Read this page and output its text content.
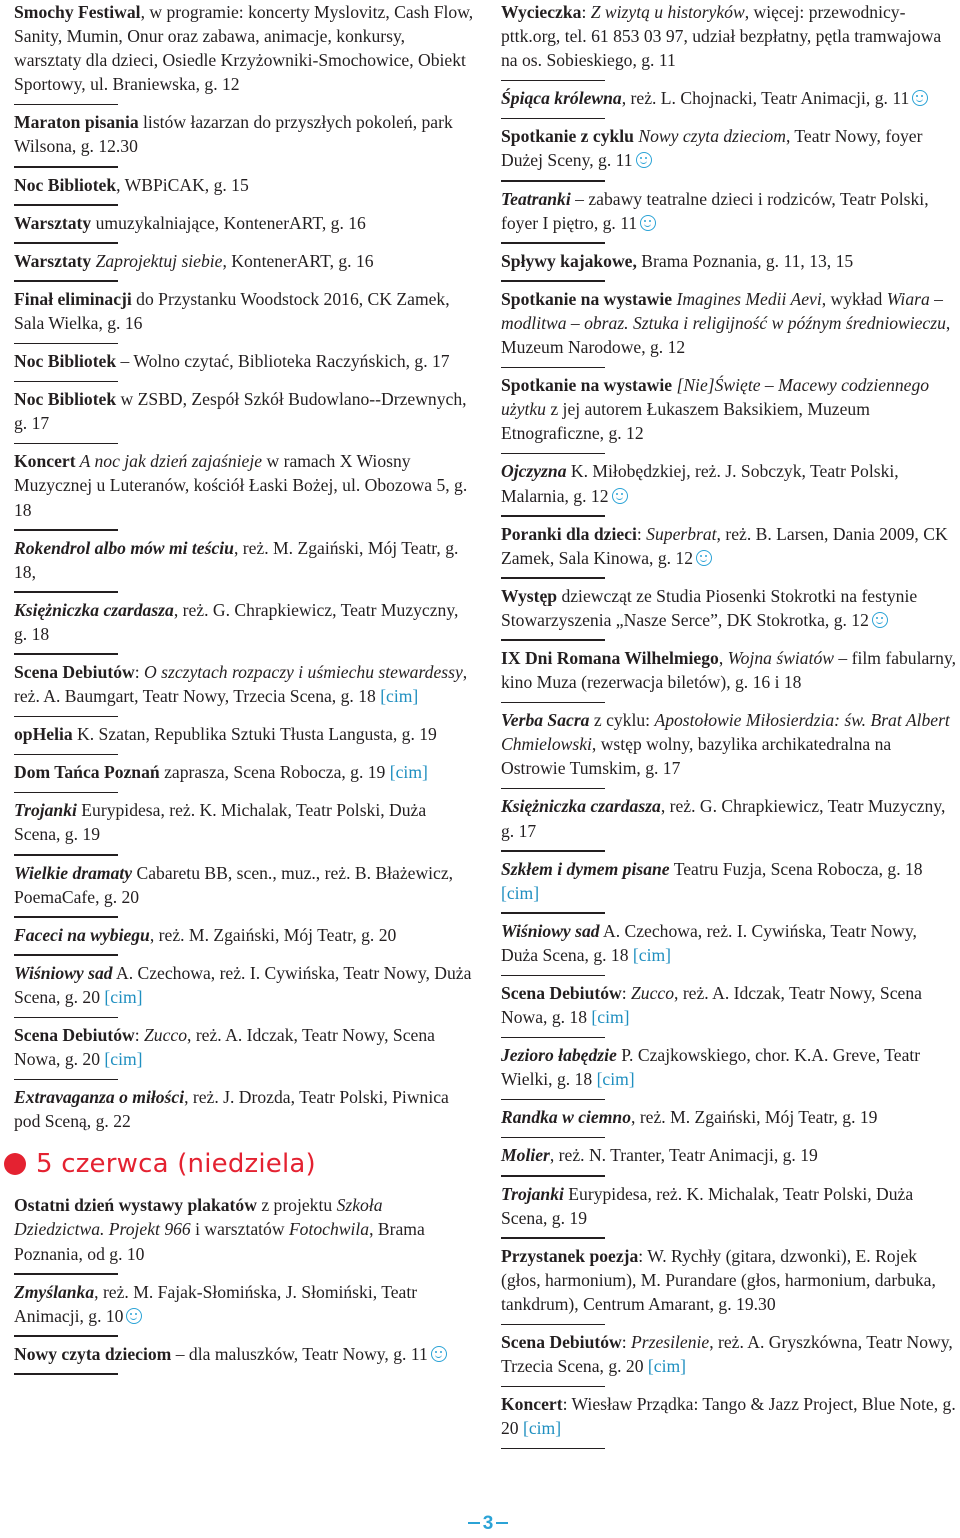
Smochy Festiwal, w programie: koncerty Myslovitz, Cash Flow, Sanity, Mumin, Onur oraz zabawa, animacje, konkursy, warsztaty dla dzieci, Osiedle Krzyżowniki-Smochowice, Obiekt Sportowy, ul. Braniewska, g. 12
Maraton pisania listów łazarzan do przyszłych pokoleń, park Wilsona, g. 12.30
Noc Bibliotek, WBPiCAK, g. 15
Warsztaty umuzykalniające, KontenerART, g. 16
Warsztaty Zaprojektuj siebie, KontenerART, g. 16
Finał eliminacji do Przystanku Woodstock 2016, CK Zamek, Sala Wielka, g. 16
Noc Bibliotek – Wolno czytać, Biblioteka Raczyńskich, g. 17
Noc Bibliotek w ZSBD, Zespół Szkół Budowlano--Drzewnych, g. 17
Koncert A noc jak dzień zajaśnieje w ramach X Wiosny Muzycznej u Luteranów, kościół Łaski Bożej, ul. Obozowa 5, g. 18
Rokendrol albo mów mi teściu, reż. M. Zgaiński, Mój Teatr, g. 18,
Księżniczka czardasza, reż. G. Chrapkiewicz, Teatr Muzyczny, g. 18
Scena Debiutów: O szczytach rozpaczy i uśmiechu stewardessy, reż. A. Baumgart, Teatr Nowy, Trzecia Scena, g. 18 [cim]
opHelia K. Szatan, Republika Sztuki Tłusta Langusta, g. 19
Dom Tańca Poznań zaprasza, Scena Robocza, g. 19 [cim]
Trojanki Eurypidesa, reż. K. Michalak, Teatr Polski, Duża Scena, g. 19
Wielkie dramaty Cabaretu BB, scen., muz., reż. B. Błażewicz, PoemaCafe, g. 20
Faceci na wybiegu, reż. M. Zgaiński, Mój Teatr, g. 20
Wiśniowy sad A. Czechowa, reż. I. Cywińska, Teatr Nowy, Duża Scena, g. 20 [cim]
Scena Debiutów: Zucco, reż. A. Idczak, Teatr Nowy, Scena Nowa, g. 20 [cim]
Extravaganza o miłości, reż. J. Drozda, Teatr Polski, Piwnica pod Sceną, g. 22
5 czerwca (niedziela)
Ostatni dzień wystawy plakatów z projektu Szkoła Dziedzictwa. Projekt 966 i warsztatów Fotochwila, Brama Poznania, od g. 10
Zmyślanka, reż. M. Fajak-Słomińska, J. Słomiński, Teatr Animacji, g. 10
Nowy czyta dzieciom – dla maluszków, Teatr Nowy, g. 11
Wycieczka: Z wizytą u historyków, więcej: przewodnicy-pttk.org, tel. 61 853 03 97, udział bezpłatny, pętla tramwajowa na os. Sobieskiego, g. 11
Śpiąca królewna, reż. L. Chojnacki, Teatr Animacji, g. 11
Spotkanie z cyklu Nowy czyta dzieciom, Teatr Nowy, foyer Dużej Sceny, g. 11
Teatranki – zabawy teatralne dzieci i rodziców, Teatr Polski, foyer I piętro, g. 11
Spływy kajakowe, Brama Poznania, g. 11, 13, 15
Spotkanie na wystawie Imagines Medii Aevi, wykład Wiara – modlitwa – obraz. Sztuka i religijność w późnym średniowieczu, Muzeum Narodowe, g. 12
Spotkanie na wystawie [Nie]Święte – Macewy codziennego użytku z jej autorem Łukaszem Baksikiem, Muzeum Etnograficzne, g. 12
Ojczyzna K. Miłobędzkiej, reż. J. Sobczyk, Teatr Polski, Malarnia, g. 12
Poranki dla dzieci: Superbrat, reż. B. Larsen, Dania 2009, CK Zamek, Sala Kinowa, g. 12
Występ dziewcząt ze Studia Piosenki Stokrotki na festynie Stowarzyszenia „Nasze Serce”, DK Stokrotka, g. 12
IX Dni Romana Wilhelmiego, Wojna światów – film fabularny, kino Muza (rezerwacja biletów), g. 16 i 18
Verba Sacra z cyklu: Apostołowie Miłosierdzia: św. Brat Albert Chmielowski, wstęp wolny, bazylika archikatedralna na Ostrowie Tumskim, g. 17
Księżniczka czardasza, reż. G. Chrapkiewicz, Teatr Muzyczny, g. 17
Szkłem i dymem pisane Teatru Fuzja, Scena Robocza, g. 18 [cim]
Wiśniowy sad A. Czechowa, reż. I. Cywińska, Teatr Nowy, Duża Scena, g. 18 [cim]
Scena Debiutów: Zucco, reż. A. Idczak, Teatr Nowy, Scena Nowa, g. 18 [cim]
Jezioro łabędzie P. Czajkowskiego, chor. K.A. Greve, Teatr Wielki, g. 18 [cim]
Randka w ciemno, reż. M. Zgaiński, Mój Teatr, g. 19
Molier, reż. N. Tranter, Teatr Animacji, g. 19
Trojanki Eurypidesa, reż. K. Michalak, Teatr Polski, Duża Scena, g. 19
Przystanek poezja: W. Rychły (gitara, dzwonki), E. Rojek (głos, harmonium), M. Purandare (głos, harmonium, darbuka, tankdrum), Centrum Amarant, g. 19.30
Scena Debiutów: Przesilenie, reż. A. Gryszkówna, Teatr Nowy, Trzecia Scena, g. 20 [cim]
Koncert: Wiesław Prządka: Tango & Jazz Project, Blue Note, g. 20 [cim]
3
